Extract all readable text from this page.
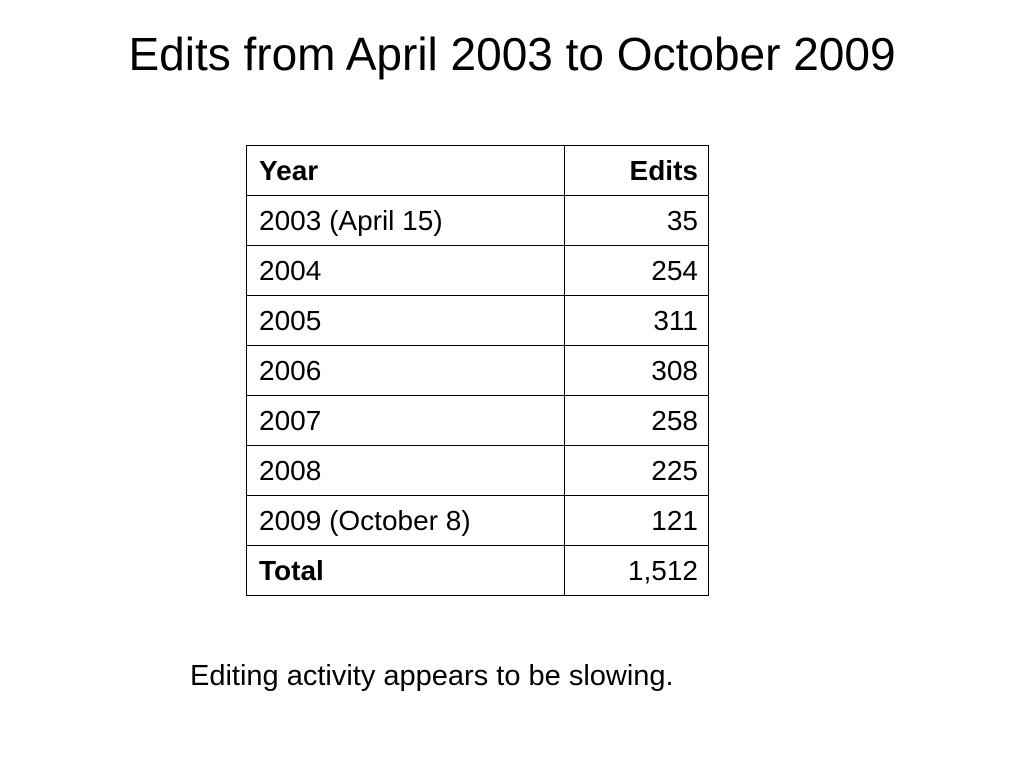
Edits from April 2003 to October 2009
Year	Edits
2003 (April 15)	35
2004	254
2005	311
2006	308
2007	258
2008	225
2009 (October 8)	121
Total	1,512

Editing activity appears to be slowing.
